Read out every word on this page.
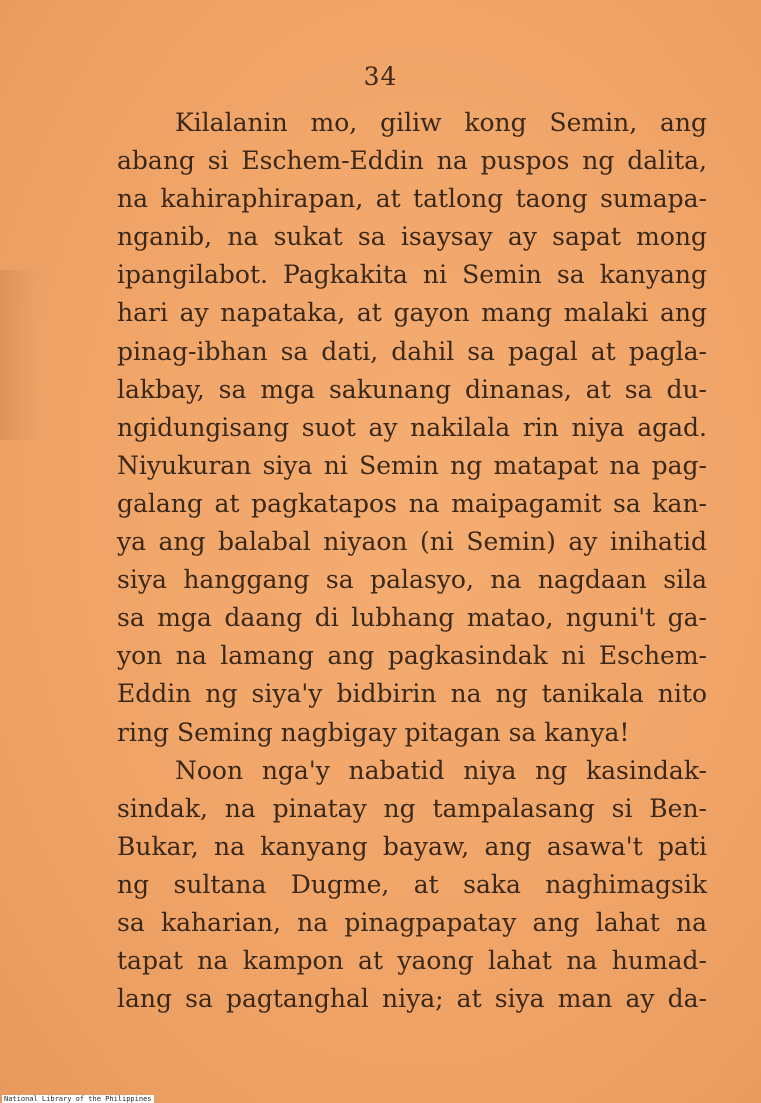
34
Kilalanin mo, giliw kong Semin, ang
abang si Eschem-Eddin na puspos ng dalita,
na kahiraphirapan, at tatlong taong sumapa-
nganib, na sukat sa isaysay ay sapat mong
ipangilabot. Pagkakita ni Semin sa kanyang
hari ay napataka, at gayon mang malaki ang
pinag-ibhan sa dati, dahil sa pagal at pagla-
lakbay, sa mga sakunang dinanas, at sa du-
ngidungisang suot ay nakilala rin niya agad.
Niyukuran siya ni Semin ng matapat na pag-
galang at pagkatapos na maipagamit sa kan-
ya ang balabal niyaon (ni Semin) ay inihatid
siya hanggang sa palasyo, na nagdaan sila
sa mga daang di lubhang matao, nguni't ga-
yon na lamang ang pagkasindak ni Eschem-
Eddin ng siya'y bidbirin na ng tanikala nito
ring Seming nagbigay pitagan sa kanya!
Noon nga'y nabatid niya ng kasindak-
sindak, na pinatay ng tampalasang si Ben-
Bukar, na kanyang bayaw, ang asawa't pati
ng sultana Dugme, at saka naghimagsik
sa kaharian, na pinagpapatay ang lahat na
tapat na kampon at yaong lahat na humad-
lang sa pagtanghal niya; at siya man ay da-
National Library of the Philippines
